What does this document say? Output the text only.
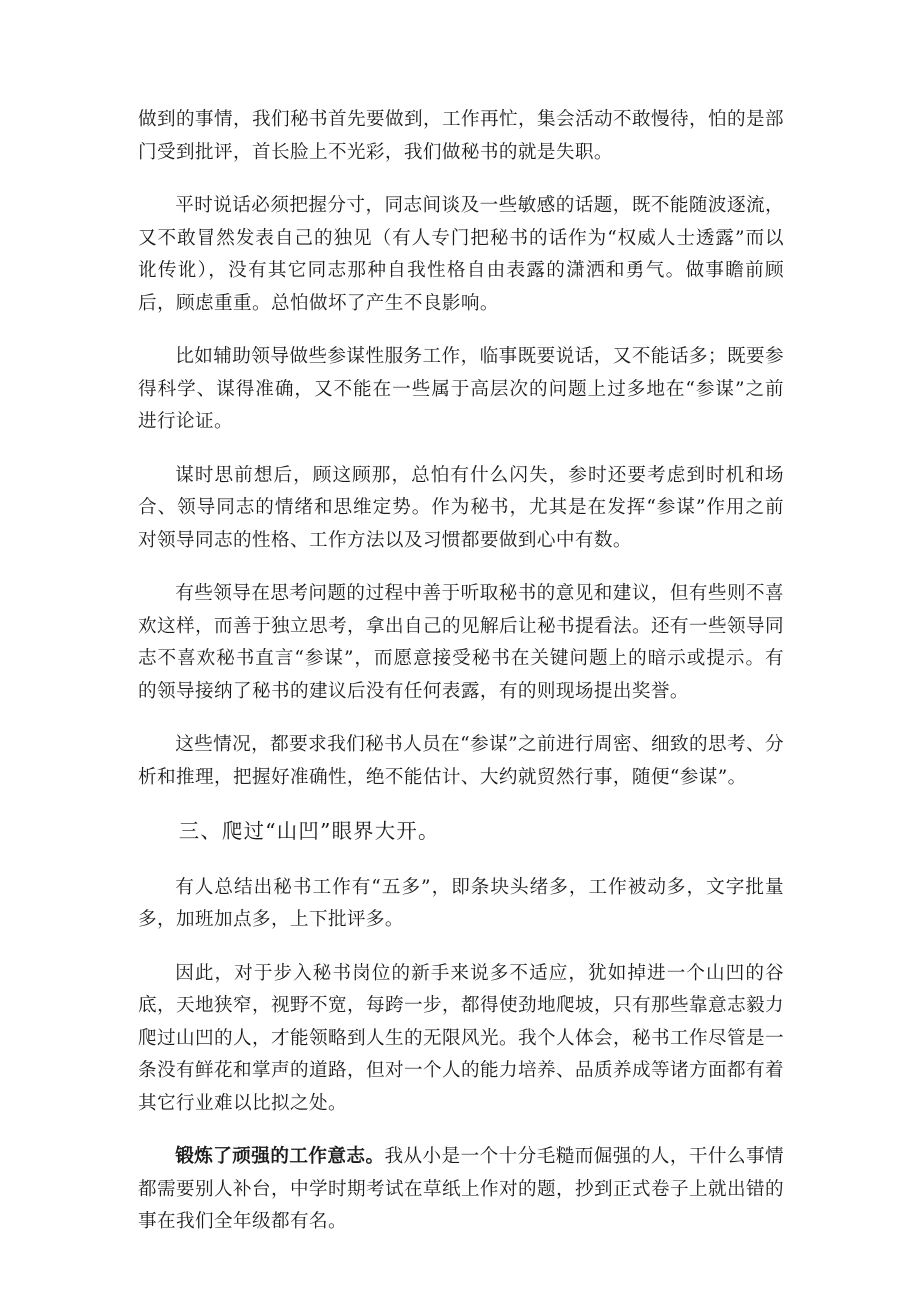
做到的事情，我们秘书首先要做到，工作再忙，集会活动不敢慢待，怕的是部门受到批评，首长脸上不光彩，我们做秘书的就是失职。

平时说话必须把握分寸，同志间谈及一些敏感的话题，既不能随波逐流，又不敢冒然发表自己的独见（有人专门把秘书的话作为“权威人士透露”而以讹传讹），没有其它同志那种自我性格自由表露的潇洒和勇气。做事瞻前顾后，顾虑重重。总怕做坏了产生不良影响。

比如辅助领导做些参谋性服务工作，临事既要说话，又不能话多；既要参得科学、谋得准确，又不能在一些属于高层次的问题上过多地在“参谋”之前进行论证。

谋时思前想后，顾这顾那，总怕有什么闪失，参时还要考虑到时机和场合、领导同志的情绪和思维定势。作为秘书，尤其是在发挥“参谋”作用之前对领导同志的性格、工作方法以及习惯都要做到心中有数。

有些领导在思考问题的过程中善于听取秘书的意见和建议，但有些则不喜欢这样，而善于独立思考，拿出自己的见解后让秘书提看法。还有一些领导同志不喜欢秘书直言“参谋”，而愿意接受秘书在关键问题上的暗示或提示。有的领导接纳了秘书的建议后没有任何表露，有的则现场提出奖誉。

这些情况，都要求我们秘书人员在“参谋”之前进行周密、细致的思考、分析和推理，把握好准确性，绝不能估计、大约就贸然行事，随便“参谋”。

三、爬过“山凹”眼界大开。

有人总结出秘书工作有“五多”，即条块头绪多，工作被动多，文字批量多，加班加点多，上下批评多。

因此，对于步入秘书岗位的新手来说多不适应，犹如掉进一个山凹的谷底，天地狭窄，视野不宽，每跨一步，都得使劲地爬坡，只有那些靠意志毅力爬过山凹的人，才能领略到人生的无限风光。我个人体会，秘书工作尽管是一条没有鲜花和掌声的道路，但对一个人的能力培养、品质养成等诸方面都有着其它行业难以比拟之处。

锻炼了顽强的工作意志。我从小是一个十分毛糙而倔强的人，干什么事情都需要别人补台，中学时期考试在草纸上作对的题，抄到正式卷子上就出错的事在我们全年级都有名。
